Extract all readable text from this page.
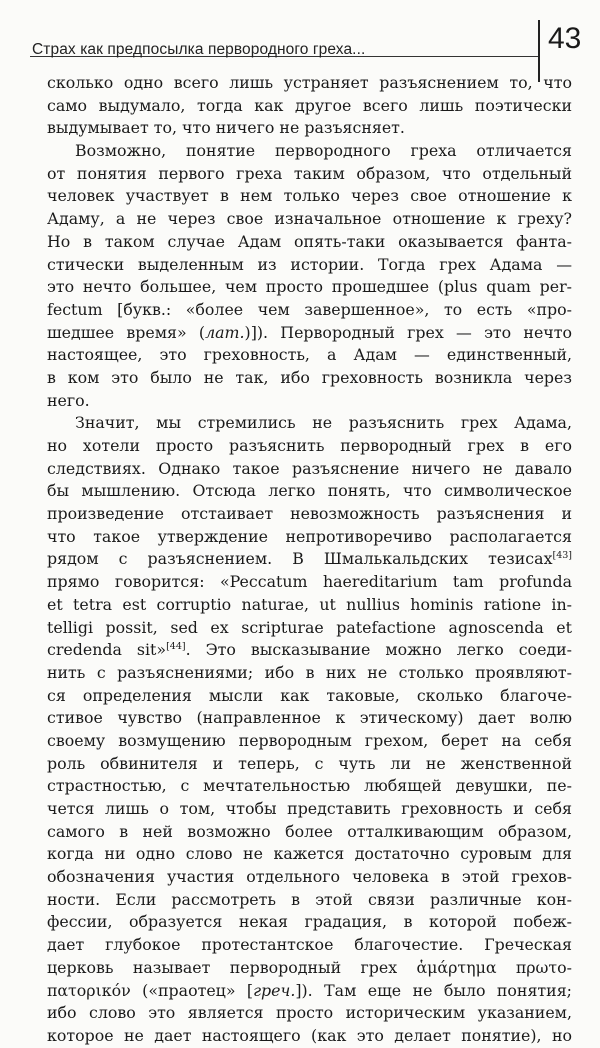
Страх как предпосылка первородного греха...	43
сколько одно всего лишь устраняет разъяснением то, что
само выдумало, тогда как другое всего лишь поэтически
выдумывает то, что ничего не разъясняет.
Возможно, понятие первородного греха отличается
от понятия первого греха таким образом, что отдельный
человек участвует в нем только через свое отношение к
Адаму, а не через свое изначальное отношение к греху?
Но в таком случае Адам опять-таки оказывается фанта-
стически выделенным из истории. Тогда грех Адама —
это нечто большее, чем просто прошедшее (plus quam per-
fectum [букв.: «более чем завершенное», то есть «про-
шедшее время» (лат.)]). Первородный грех — это нечто
настоящее, это греховность, а Адам — единственный,
в ком это было не так, ибо греховность возникла через
него.
Значит, мы стремились не разъяснить грех Адама,
но хотели просто разъяснить первородный грех в его
следствиях. Однако такое разъяснение ничего не давало
бы мышлению. Отсюда легко понять, что символическое
произведение отстаивает невозможность разъяснения и
что такое утверждение непротиворечиво располагается
рядом с разъяснением. В Шмалькальдских тезисах[43]
прямо говорится: «Peccatum haereditarium tam profunda
et tetra est corruptio naturae, ut nullius hominis ratione in-
telligi possit, sed ex scripturae patefactione agnoscenda et
credenda sit»[44]. Это высказывание можно легко соеди-
нить с разъяснениями; ибо в них не столько проявляют-
ся определения мысли как таковые, сколько благоче-
стивое чувство (направленное к этическому) дает волю
своему возмущению первородным грехом, берет на себя
роль обвинителя и теперь, с чуть ли не женственной
страстностью, с мечтательностью любящей девушки, пе-
чется лишь о том, чтобы представить греховность и себя
самого в ней возможно более отталкивающим образом,
когда ни одно слово не кажется достаточно суровым для
обозначения участия отдельного человека в этой грехов-
ности. Если рассмотреть в этой связи различные кон-
фессии, образуется некая градация, в которой побеж-
дает глубокое протестантское благочестие. Греческая
церковь называет первородный грех ἁμάρτημα πρωτο-
πατορικόν («праотец» [греч.]). Там еще не было понятия;
ибо слово это является просто историческим указанием,
которое не дает настоящего (как это делает понятие), но
